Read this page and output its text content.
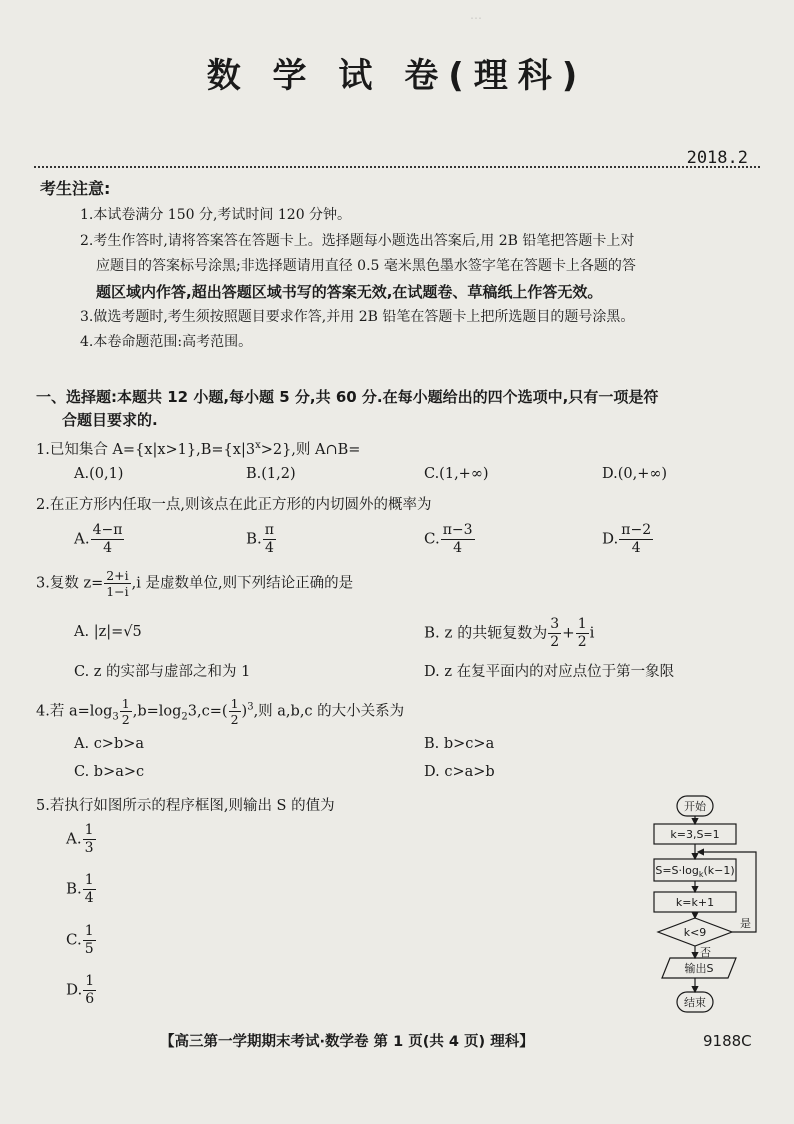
…
数 学 试 卷(理科)
2018.2
考生注意:
1.本试卷满分 150 分,考试时间 120 分钟。
2.考生作答时,请将答案答在答题卡上。选择题每小题选出答案后,用 2B 铅笔把答题卡上对
应题目的答案标号涂黑;非选择题请用直径 0.5 毫米黑色墨水签字笔在答题卡上各题的答
题区域内作答,超出答题区域书写的答案无效,在试题卷、草稿纸上作答无效。
3.做选考题时,考生须按照题目要求作答,并用 2B 铅笔在答题卡上把所选题目的题号涂黑。
4.本卷命题范围:高考范围。
一、选择题:本题共 12 小题,每小题 5 分,共 60 分.在每小题给出的四个选项中,只有一项是符
合题目要求的.
1.已知集合 $A=\{x|x>1\},B=\{x|3^x>2\}$,则 A∩B=
A.(0,1)	B.(1,2)	C.(1,+∞)	D.(0,+∞)
2.在正方形内任取一点,则该点在此正方形的内切圆外的概率为
A. $\frac{4-\pi}{4}$	B. $\frac{\pi}{4}$	C. $\frac{\pi-3}{4}$	D. $\frac{\pi-2}{4}$
3.复数 $z= \frac{2+i}{1-i} ,i$ 是虚数单位,则下列结论正确的是
A. |z|=√5	B. z 的共轭复数为 $\frac{3}{2} + \frac{1}{2}$ i
C. z 的实部与虚部之和为 1	D. z 在复平面内的对应点位于第一象限
4.若 $a=\log_3 \frac{1}{2} ,b=\log_23,c=( \frac{1}{2} )^3$,则 a,b,c 的大小关系为
A. c>b>a	B. b>c>a
C. b>a>c	D. c>a>b
5.若执行如图所示的程序框图,则输出 S 的值为
A. $\frac{1}{3}$
B. $\frac{1}{4}$
C. $\frac{1}{5}$
D. $\frac{1}{6}$
开始
k=3,S=1
$S=S\cdot\log_k(k-1)$
k=k+1
k<9
是
否
输出S
结束
【高三第一学期期末考试·数学卷 第 1 页(共 4 页) 理科】	9188C
